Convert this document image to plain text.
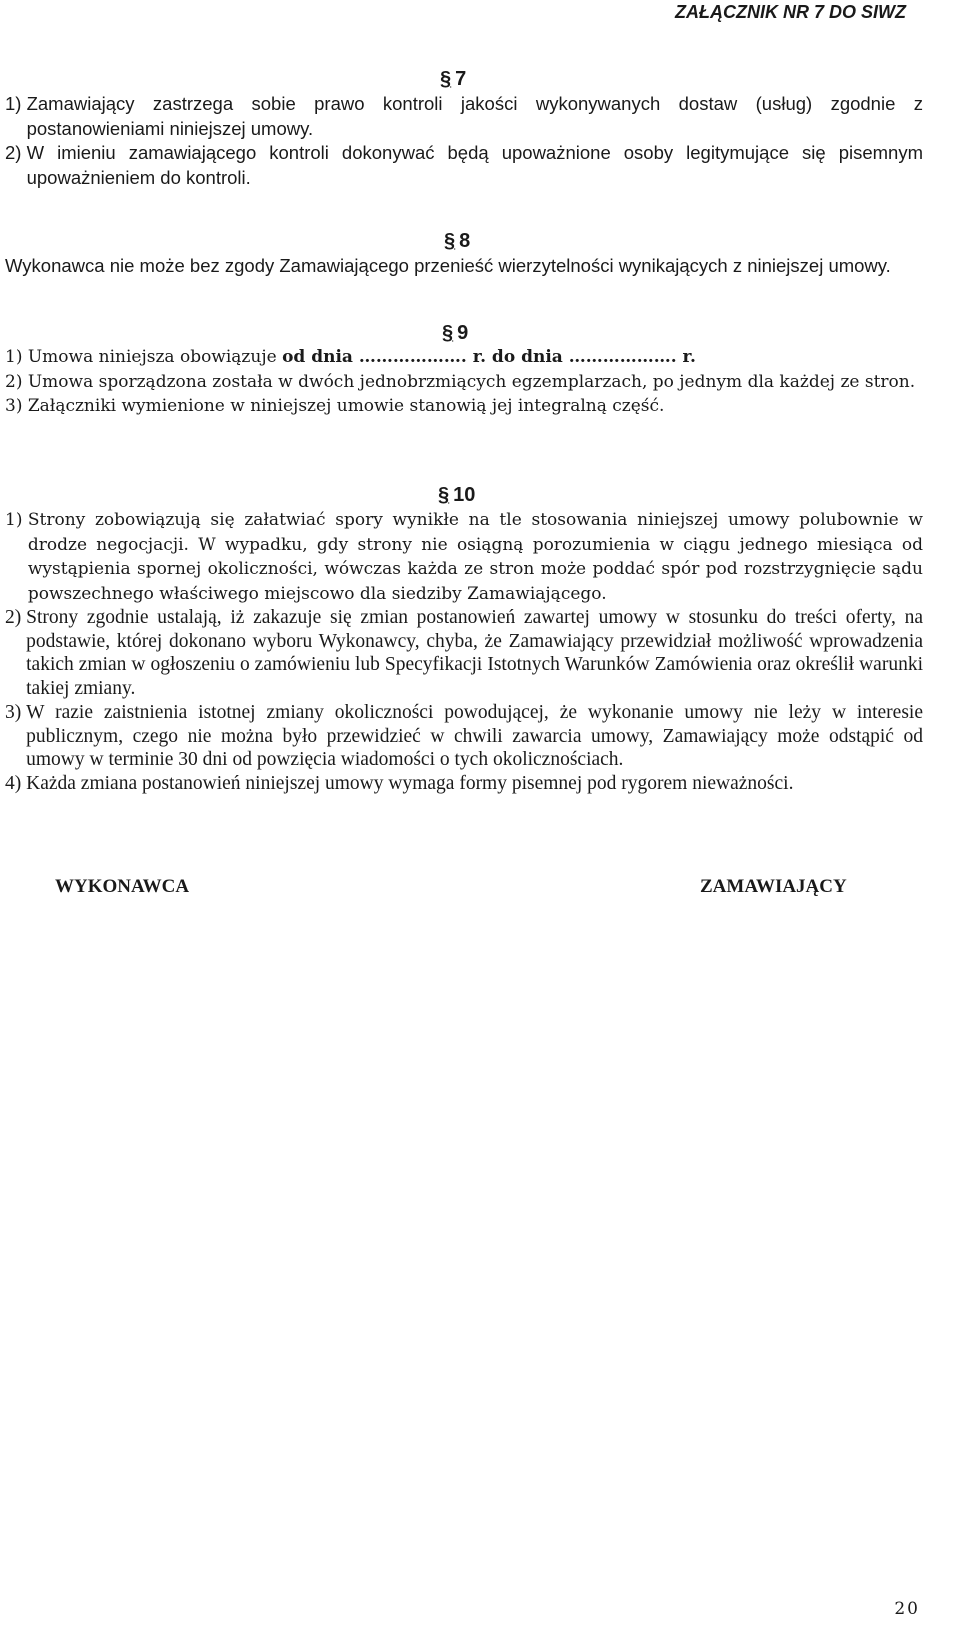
ZAŁĄCZNIK NR 7 DO SIWZ
§ 7
1) Zamawiający zastrzega sobie prawo kontroli jakości wykonywanych dostaw (usług) zgodnie z postanowieniami niniejszej umowy.
2) W imieniu zamawiającego kontroli dokonywać będą upoważnione osoby legitymujące się pisemnym upoważnieniem do kontroli.
§ 8
Wykonawca nie może bez zgody Zamawiającego przenieść wierzytelności wynikających z niniejszej umowy.
§ 9
1) Umowa niniejsza obowiązuje od dnia ………………. r. do dnia ………………. r.
2) Umowa sporządzona została w dwóch jednobrzmiących egzemplarzach, po jednym dla każdej ze stron.
3) Załączniki wymienione w niniejszej umowie stanowią jej integralną część.
§ 10
1) Strony zobowiązują się załatwiać spory wynikłe na tle stosowania niniejszej umowy polubownie w drodze negocjacji. W wypadku, gdy strony nie osiągną porozumienia w ciągu jednego miesiąca od wystąpienia spornej okoliczności, wówczas każda ze stron może poddać spór pod rozstrzygnięcie sądu powszechnego właściwego miejscowo dla siedziby Zamawiającego.
2) Strony zgodnie ustalają, iż zakazuje się zmian postanowień zawartej umowy w stosunku do treści oferty, na podstawie, której dokonano wyboru Wykonawcy, chyba, że Zamawiający przewidział możliwość wprowadzenia takich zmian w ogłoszeniu o zamówieniu lub Specyfikacji Istotnych Warunków Zamówienia oraz określił warunki takiej zmiany.
3) W razie zaistnienia istotnej zmiany okoliczności powodującej, że wykonanie umowy nie leży w interesie publicznym, czego nie można było przewidzieć w chwili zawarcia umowy, Zamawiający może odstąpić od umowy w terminie 30 dni od powzięcia wiadomości o tych okolicznościach.
4) Każda zmiana postanowień niniejszej umowy wymaga formy pisemnej pod rygorem nieważności.
WYKONAWCA	ZAMAWIAJĄCY
20
